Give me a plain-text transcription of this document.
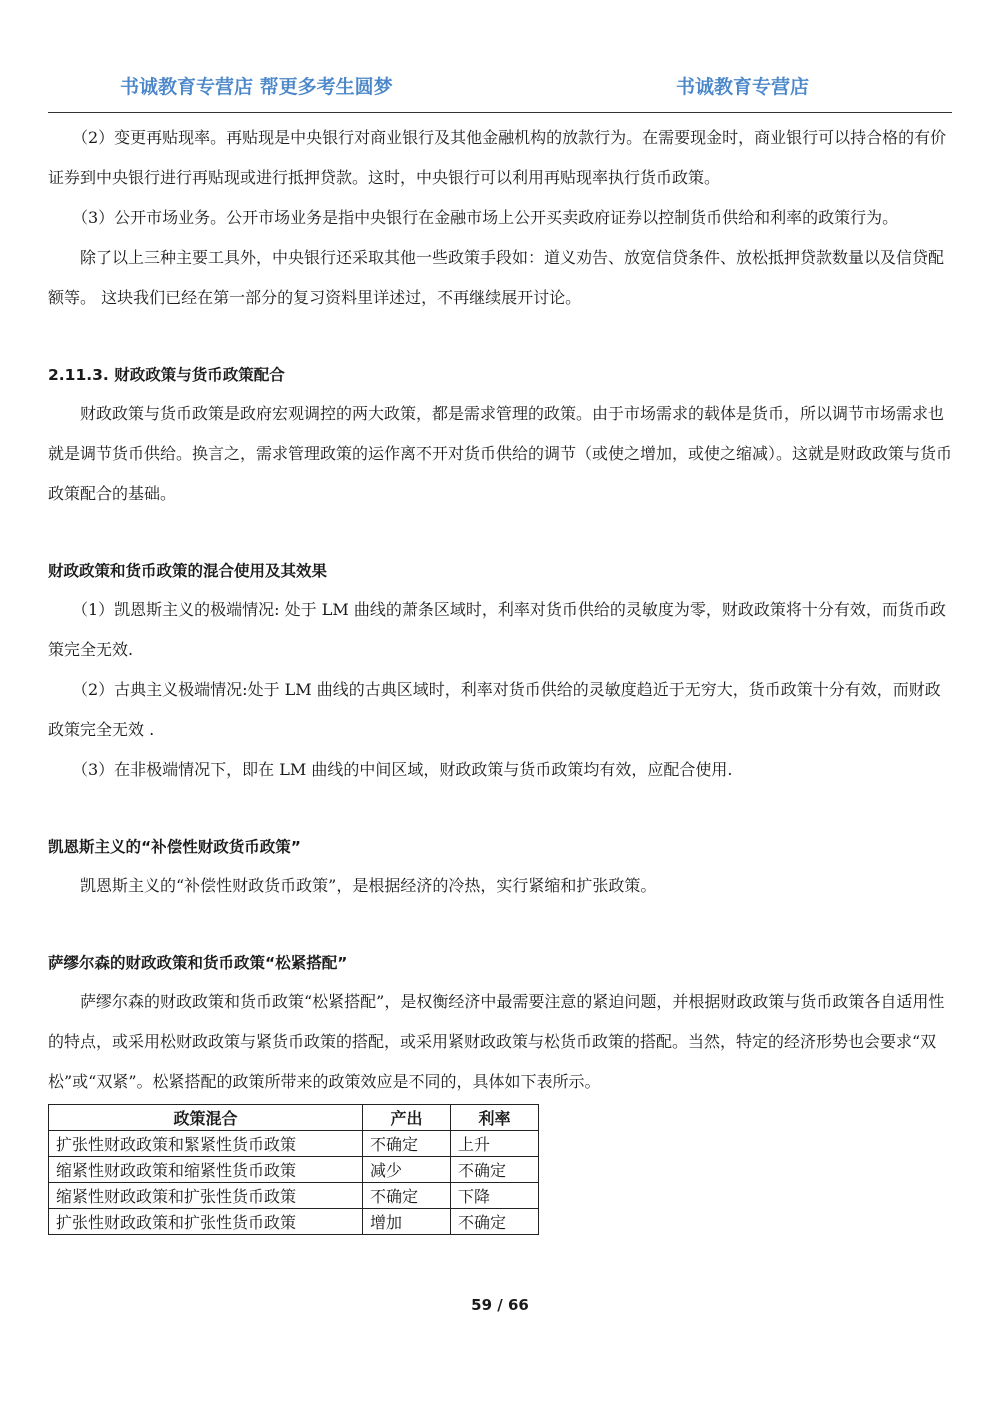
书诚教育专营店 帮更多考生圆梦	书诚教育专营店

（2）变更再贴现率。再贴现是中央银行对商业银行及其他金融机构的放款行为。在需要现金时，商业银行可以持合格的有价证券到中央银行进行再贴现或进行抵押贷款。这时，中央银行可以利用再贴现率执行货币政策。

（3）公开市场业务。公开市场业务是指中央银行在金融市场上公开买卖政府证券以控制货币供给和利率的政策行为。

除了以上三种主要工具外，中央银行还采取其他一些政策手段如：道义劝告、放宽信贷条件、放松抵押贷款数量以及信贷配额等。 这块我们已经在第一部分的复习资料里详述过，不再继续展开讨论。

2.11.3. 财政政策与货币政策配合

财政政策与货币政策是政府宏观调控的两大政策，都是需求管理的政策。由于市场需求的载体是货币，所以调节市场需求也就是调节货币供给。换言之，需求管理政策的运作离不开对货币供给的调节（或使之增加，或使之缩减）。这就是财政政策与货币政策配合的基础。

财政政策和货币政策的混合使用及其效果

（1）凯恩斯主义的极端情况: 处于 LM 曲线的萧条区域时，利率对货币供给的灵敏度为零，财政政策将十分有效，而货币政策完全无效.

（2）古典主义极端情况:处于 LM 曲线的古典区域时，利率对货币供给的灵敏度趋近于无穷大，货币政策十分有效，而财政政策完全无效 .

（3）在非极端情况下，即在 LM 曲线的中间区域，财政政策与货币政策均有效，应配合使用.

凯恩斯主义的“补偿性财政货币政策”

凯恩斯主义的“补偿性财政货币政策”，是根据经济的冷热，实行紧缩和扩张政策。

萨缪尔森的财政政策和货币政策“松紧搭配”

萨缪尔森的财政政策和货币政策“松紧搭配”，是权衡经济中最需要注意的紧迫问题，并根据财政政策与货币政策各自适用性的特点，或采用松财政政策与紧货币政策的搭配，或采用紧财政政策与松货币政策的搭配。当然，特定的经济形势也会要求“双松”或“双紧”。松紧搭配的政策所带来的政策效应是不同的，具体如下表所示。

政策混合	产出	利率
扩张性财政政策和緊紧性货币政策	不确定	上升
缩紧性财政政策和缩紧性货币政策	减少	不确定
缩紧性财政政策和扩张性货币政策	不确定	下降
扩张性财政政策和扩张性货币政策	增加	不确定
59 / 66
